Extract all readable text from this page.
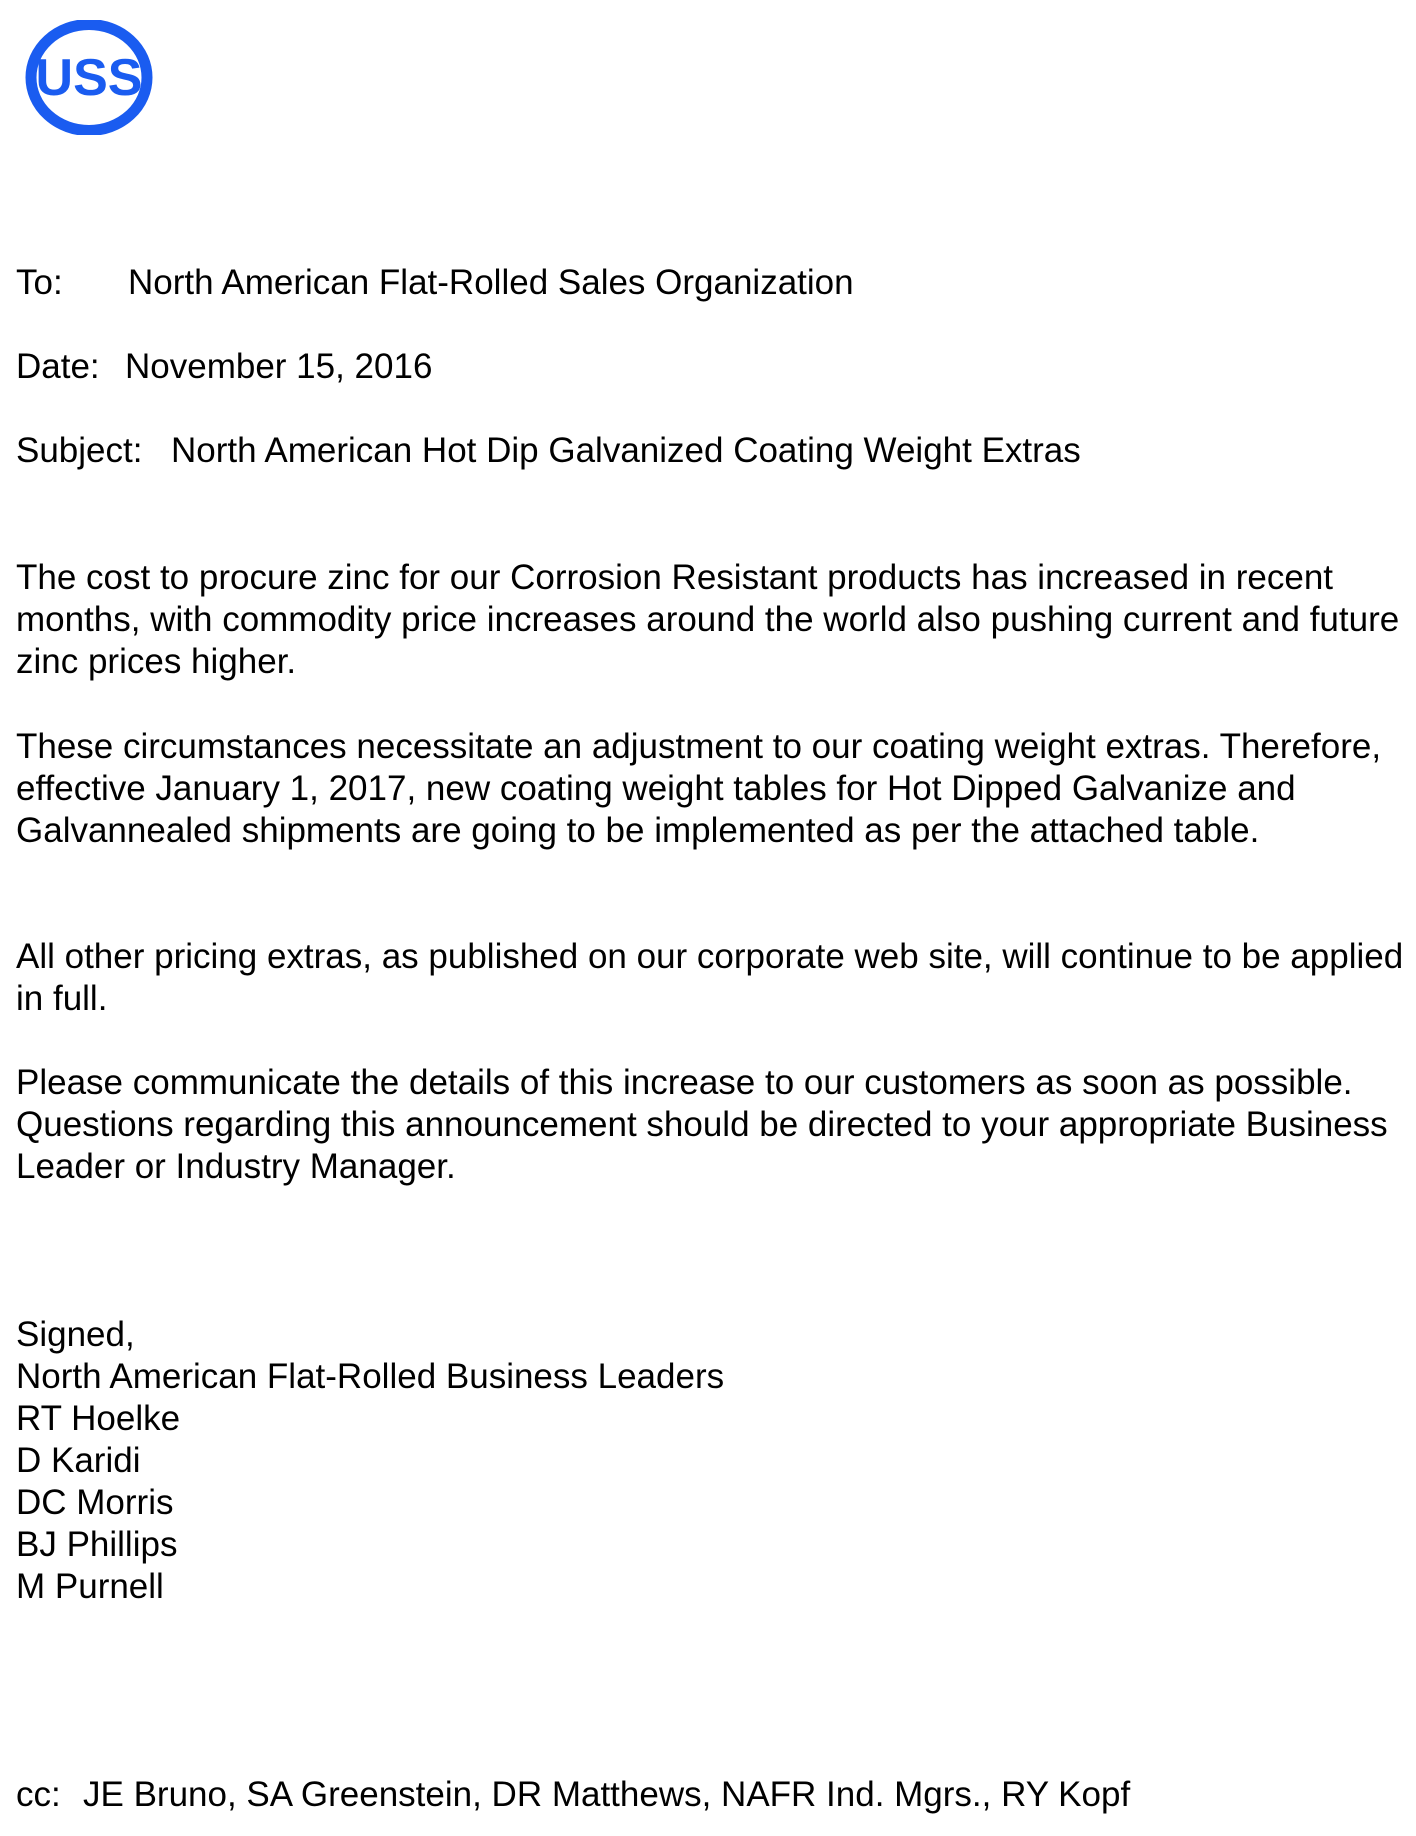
USS
To: North American Flat-Rolled Sales Organization
Date: November 15, 2016
Subject: North American Hot Dip Galvanized Coating Weight Extras

The cost to procure zinc for our Corrosion Resistant products has increased in recent months, with commodity price increases around the world also pushing current and future zinc prices higher.

These circumstances necessitate an adjustment to our coating weight extras. Therefore, effective January 1, 2017, new coating weight tables for Hot Dipped Galvanize and Galvannealed shipments are going to be implemented as per the attached table.

All other pricing extras, as published on our corporate web site, will continue to be applied in full.

Please communicate the details of this increase to our customers as soon as possible. Questions regarding this announcement should be directed to your appropriate Business Leader or Industry Manager.

Signed,
North American Flat-Rolled Business Leaders
RT Hoelke
D Karidi
DC Morris
BJ Phillips
M Purnell
cc: JE Bruno, SA Greenstein, DR Matthews, NAFR Ind. Mgrs., RY Kopf
